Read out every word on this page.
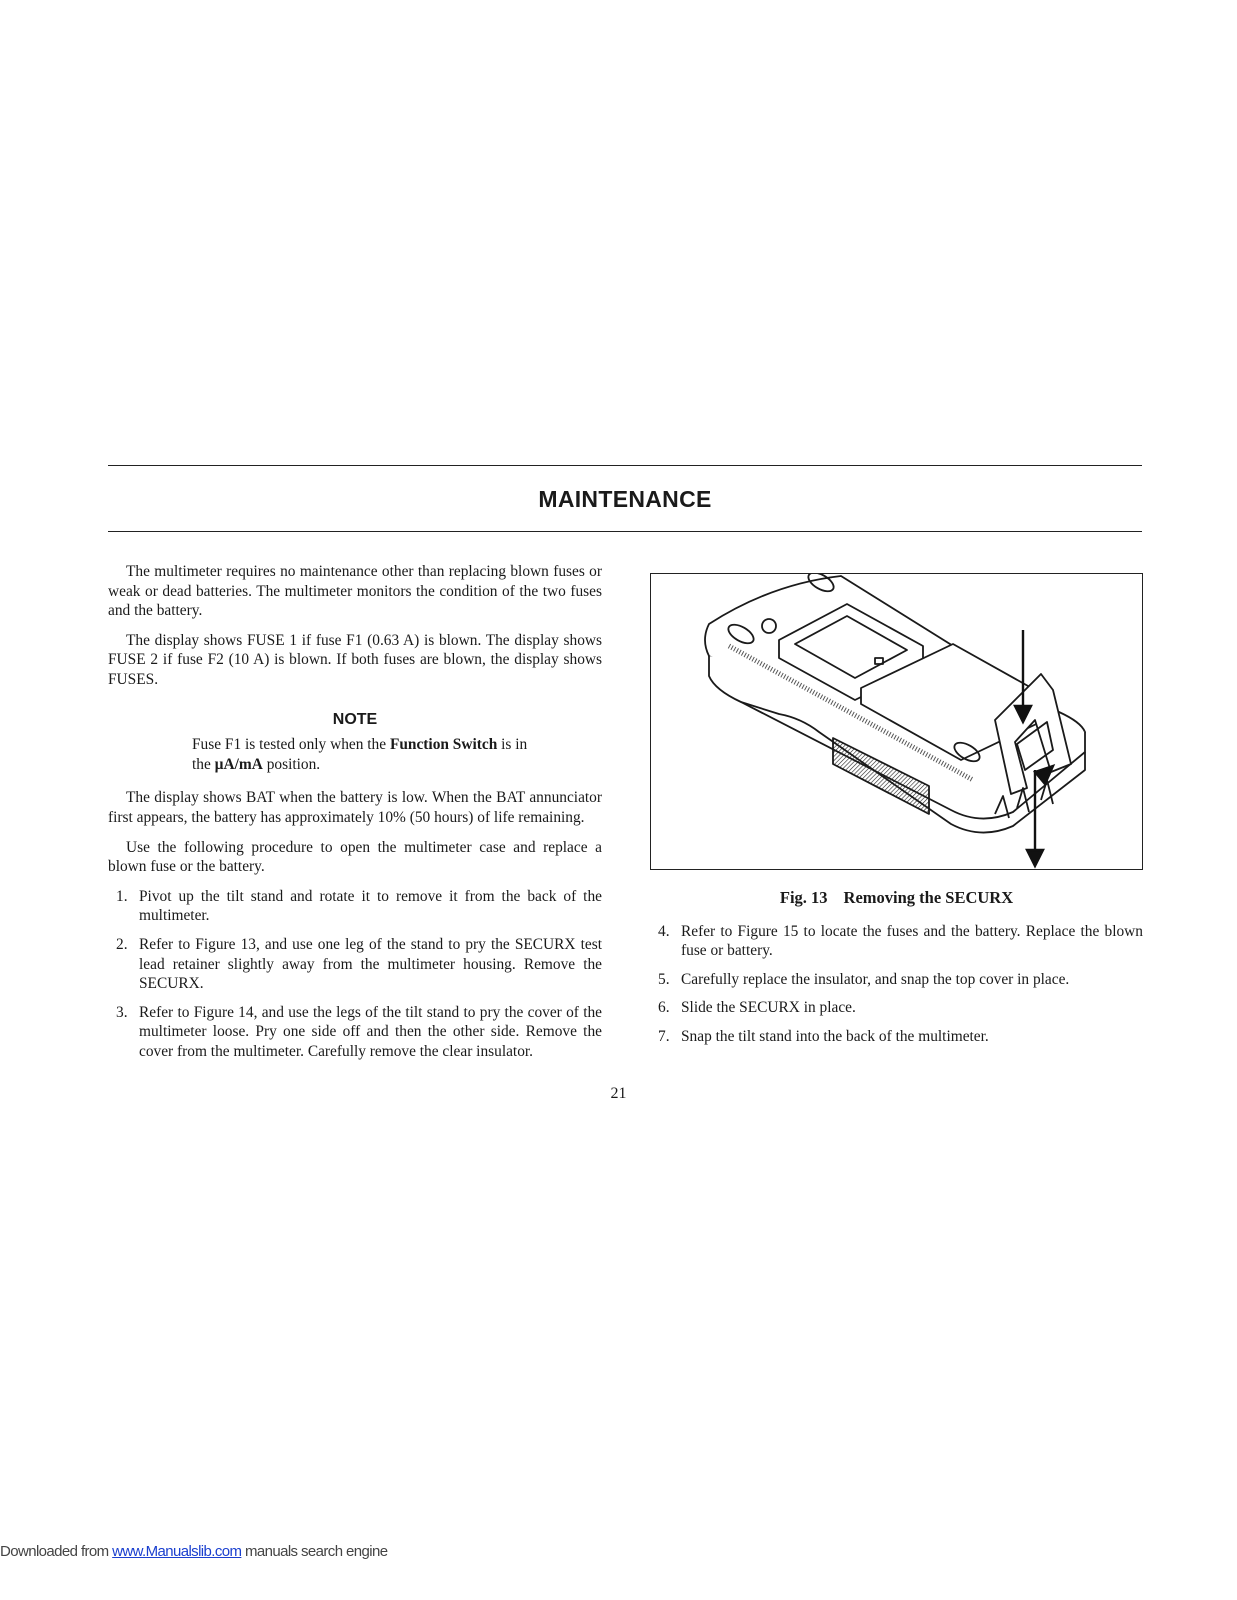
MAINTENANCE

The multimeter requires no maintenance other than replacing blown fuses or weak or dead batteries. The multimeter monitors the condition of the two fuses and the battery.

The display shows FUSE 1 if fuse F1 (0.63 A) is blown. The display shows FUSE 2 if fuse F2 (10 A) is blown. If both fuses are blown, the display shows FUSES.

NOTE
Fuse F1 is tested only when the Function Switch is in the µA/mA position.

The display shows BAT when the battery is low. When the BAT annunciator first appears, the battery has approximately 10% (50 hours) of life remaining.

Use the following procedure to open the multimeter case and replace a blown fuse or the battery.

1. Pivot up the tilt stand and rotate it to remove it from the back of the multimeter.
2. Refer to Figure 13, and use one leg of the stand to pry the SECURX test lead retainer slightly away from the multimeter housing. Remove the SECURX.
3. Refer to Figure 14, and use the legs of the tilt stand to pry the cover of the multimeter loose. Pry one side off and then the other side. Remove the cover from the multimeter. Carefully remove the clear insulator.
Fig. 13 Removing the SECURX
4. Refer to Figure 15 to locate the fuses and the battery. Replace the blown fuse or battery.
5. Carefully replace the insulator, and snap the top cover in place.
6. Slide the SECURX in place.
7. Snap the tilt stand into the back of the multimeter.
21
Downloaded from www.Manualslib.com manuals search engine
